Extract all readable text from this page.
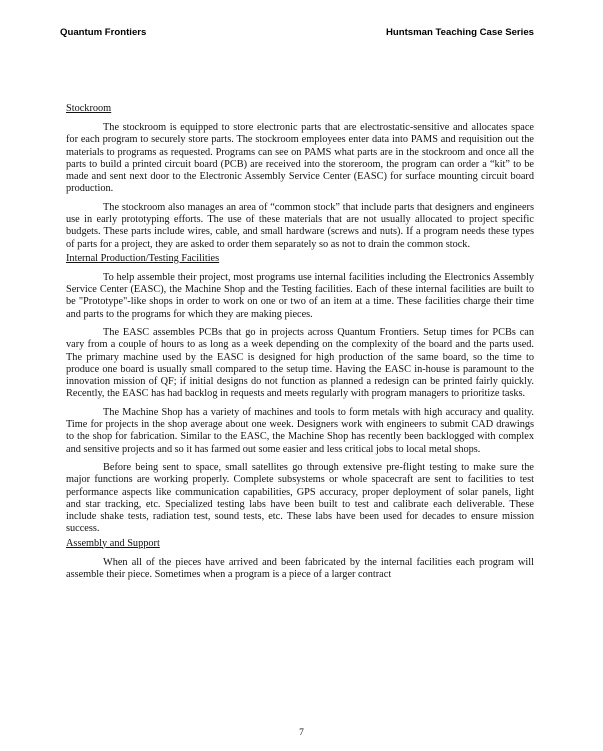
Quantum Frontiers	Huntsman Teaching Case Series
Stockroom

The stockroom is equipped to store electronic parts that are electrostatic-sensitive and allocates space for each program to securely store parts. The stockroom employees enter data into PAMS and requisition out the materials to programs as requested. Programs can see on PAMS what parts are in the stockroom and once all the parts to build a printed circuit board (PCB) are received into the storeroom, the program can order a “kit” to be made and sent next door to the Electronic Assembly Service Center (EASC) for surface mounting circuit board production.

The stockroom also manages an area of “common stock” that include parts that designers and engineers use in early prototyping efforts. The use of these materials that are not usually allocated to project specific budgets. These parts include wires, cable, and small hardware (screws and nuts). If a program needs these types of parts for a project, they are asked to order them separately so as not to drain the common stock.

Internal Production/Testing Facilities

To help assemble their project, most programs use internal facilities including the Electronics Assembly Service Center (EASC), the Machine Shop and the Testing facilities. Each of these internal facilities are built to be "Prototype"-like shops in order to work on one or two of an item at a time. These facilities charge their time and parts to the programs for which they are making pieces.

The EASC assembles PCBs that go in projects across Quantum Frontiers. Setup times for PCBs can vary from a couple of hours to as long as a week depending on the complexity of the board and the parts used. The primary machine used by the EASC is designed for high production of the same board, so the time to produce one board is usually small compared to the setup time. Having the EASC in-house is paramount to the innovation mission of QF; if initial designs do not function as planned a redesign can be printed fairly quickly. Recently, the EASC has had backlog in requests and meets regularly with program managers to prioritize tasks.

The Machine Shop has a variety of machines and tools to form metals with high accuracy and quality. Time for projects in the shop average about one week. Designers work with engineers to submit CAD drawings to the shop for fabrication. Similar to the EASC, the Machine Shop has recently been backlogged with complex and sensitive projects and so it has farmed out some easier and less critical jobs to local metal shops.

Before being sent to space, small satellites go through extensive pre-flight testing to make sure the major functions are working properly. Complete subsystems or whole spacecraft are sent to facilities to test performance aspects like communication capabilities, GPS accuracy, proper deployment of solar panels, light and star tracking, etc. Specialized testing labs have been built to test and calibrate each deliverable. These include shake tests, radiation test, sound tests, etc. These labs have been used for decades to ensure mission success.

Assembly and Support

When all of the pieces have arrived and been fabricated by the internal facilities each program will assemble their piece. Sometimes when a program is a piece of a larger contract

7
